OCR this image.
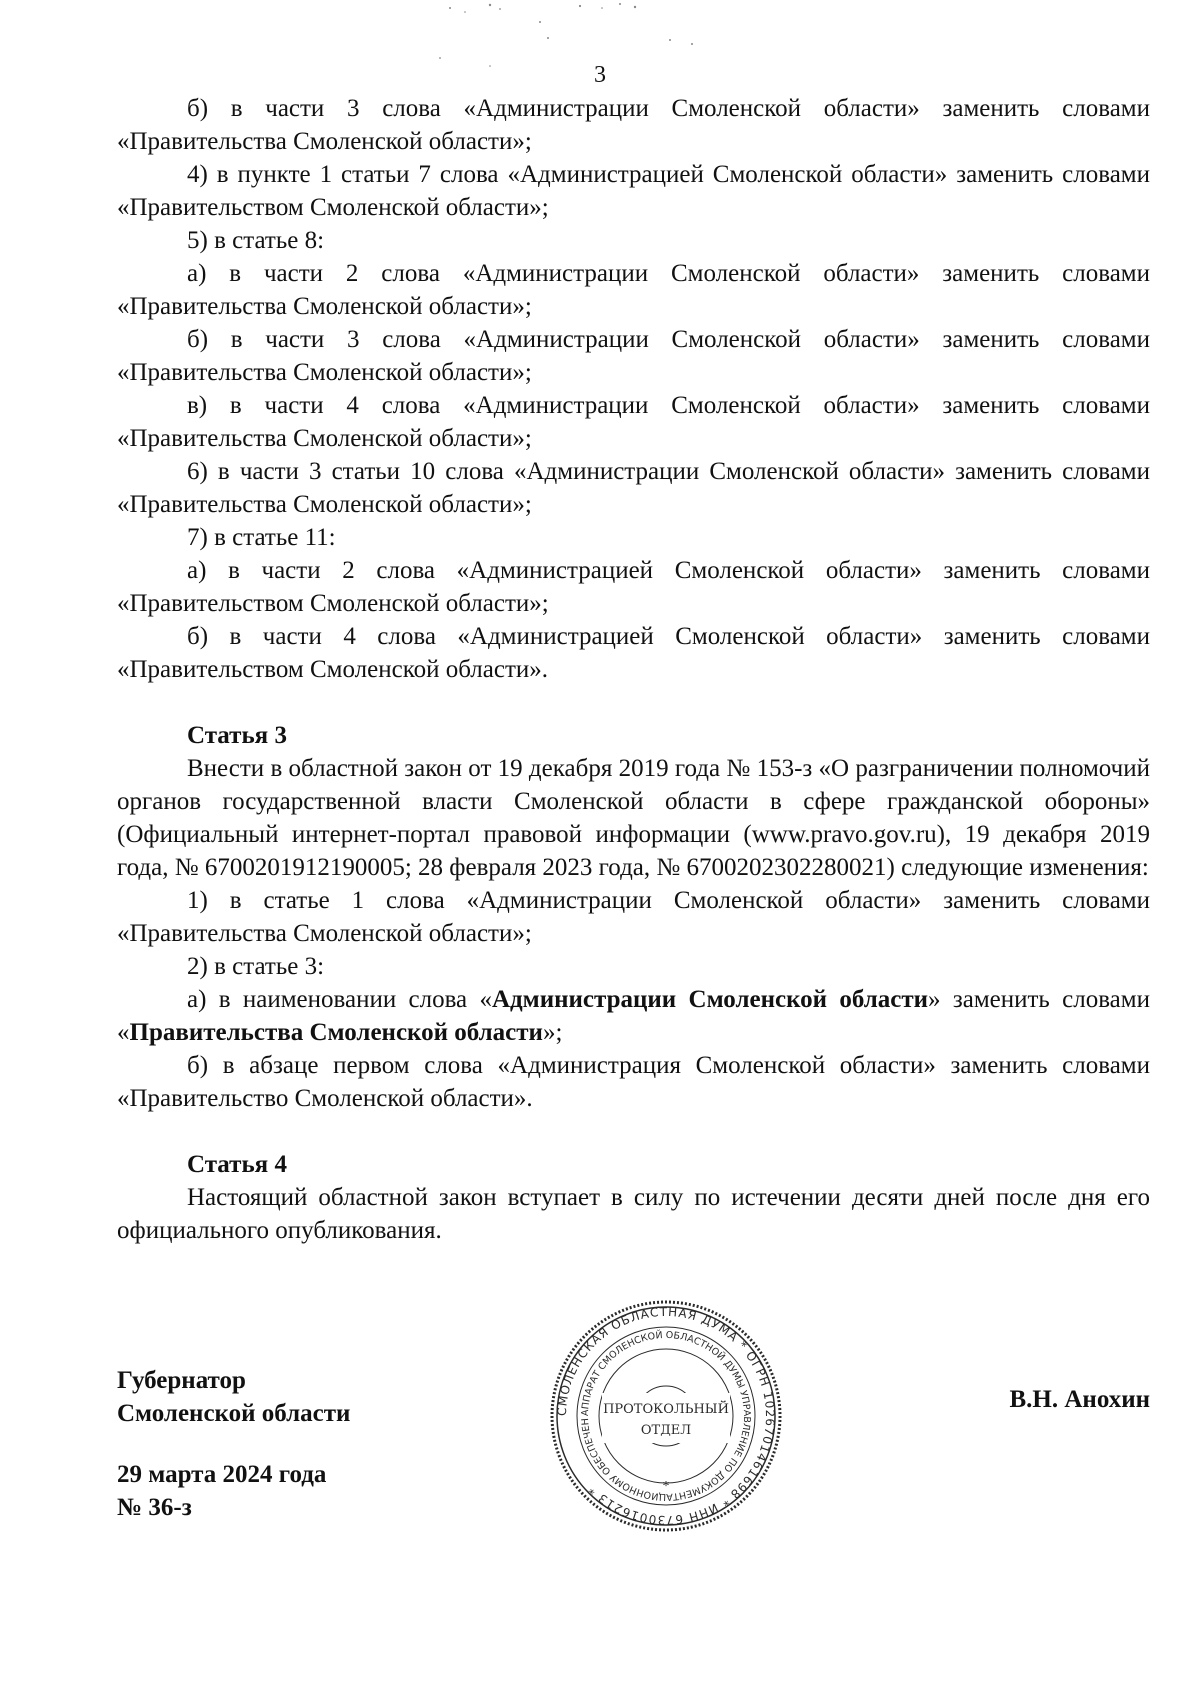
3

б) в части 3 слова «Администрации Смоленской области» заменить словами «Правительства Смоленской области»;

4) в пункте 1 статьи 7 слова «Администрацией Смоленской области» заменить словами «Правительством Смоленской области»;

5) в статье 8:

а) в части 2 слова «Администрации Смоленской области» заменить словами «Правительства Смоленской области»;

б) в части 3 слова «Администрации Смоленской области» заменить словами «Правительства Смоленской области»;

в) в части 4 слова «Администрации Смоленской области» заменить словами «Правительства Смоленской области»;

6) в части 3 статьи 10 слова «Администрации Смоленской области» заменить словами «Правительства Смоленской области»;

7) в статье 11:

а) в части 2 слова «Администрацией Смоленской области» заменить словами «Правительством Смоленской области»;

б) в части 4 слова «Администрацией Смоленской области» заменить словами «Правительством Смоленской области».

Статья 3

Внести в областной закон от 19 декабря 2019 года № 153-з «О разграничении полномочий органов государственной власти Смоленской области в сфере гражданской обороны» (Официальный интернет-портал правовой информации (www.pravo.gov.ru), 19 декабря 2019 года, № 6700201912190005; 28 февраля 2023 года, № 6700202302280021) следующие изменения:

1) в статье 1 слова «Администрации Смоленской области» заменить словами «Правительства Смоленской области»;

2) в статье 3:

а) в наименовании слова «Администрации Смоленской области» заменить словами «Правительства Смоленской области»;

б) в абзаце первом слова «Администрация Смоленской области» заменить словами «Правительство Смоленской области».

Статья 4

Настоящий областной закон вступает в силу по истечении десяти дней после дня его официального опубликования.

Губернатор
Смоленской области
В.Н. Анохин
29 марта 2024 года
№ 36-з
СМОЛЕНСКАЯ ОБЛАСТНАЯ ДУМА * ОГРН 1026701461698 * ИНН 6730016213 *
АППАРАТ СМОЛЕНСКОЙ ОБЛАСТНОЙ ДУМЫ УПРАВЛЕНИЕ ПО ДОКУМЕНТАЦИОННОМУ ОБЕСПЕЧЕН
ПРОТОКОЛЬНЫЙ
ОТДЕЛ
*
